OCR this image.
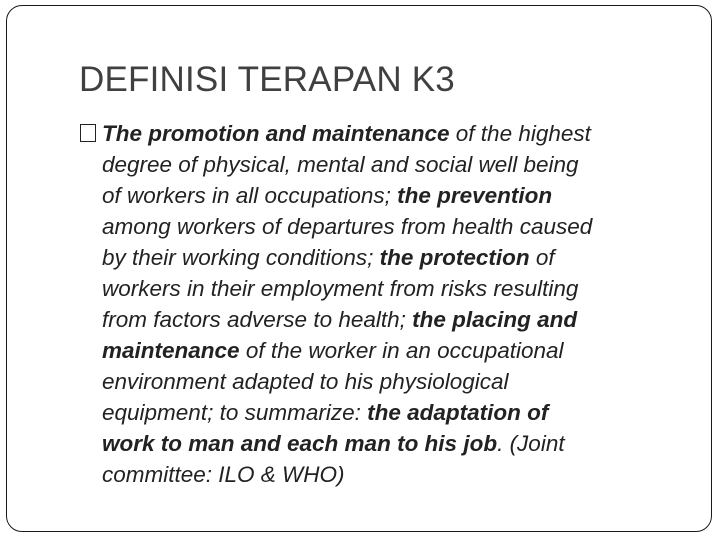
DEFINISI TERAPAN K3
The promotion and maintenance of the highest
degree of physical, mental and social well being
of workers in all occupations; the prevention
among workers of departures from health caused
by their working conditions; the protection of
workers in their employment from risks resulting
from factors adverse to health; the placing and
maintenance of the worker in an occupational
environment adapted to his physiological
equipment; to summarize: the adaptation of
work to man and each man to his job. (Joint
committee: ILO & WHO)
